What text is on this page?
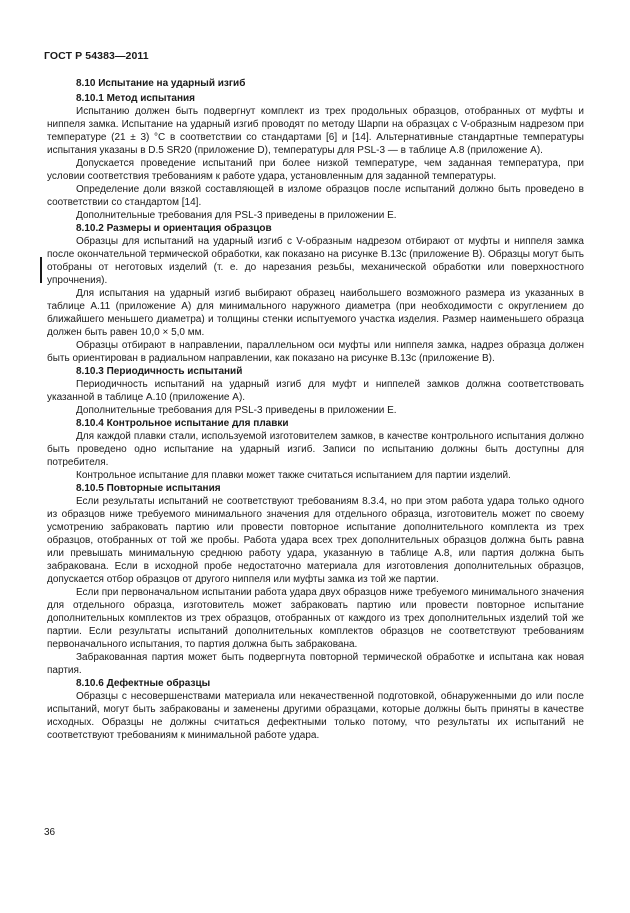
ГОСТ Р 54383—2011
8.10 Испытание на ударный изгиб
8.10.1 Метод испытания

Испытанию должен быть подвергнут комплект из трех продольных образцов, отобранных от муфты и ниппеля замка. Испытание на ударный изгиб проводят по методу Шарпи на образцах с V-образным надрезом при температуре (21 ± 3) °С в соответствии со стандартами [6] и [14]. Альтернативные стандартные температуры испытания указаны в D.5 SR20 (приложение D), температуры для PSL-3 — в таблице А.8 (приложение А).

Допускается проведение испытаний при более низкой температуре, чем заданная температура, при условии соответствия требованиям к работе удара, установленным для заданной температуры.

Определение доли вязкой составляющей в изломе образцов после испытаний должно быть проведено в соответствии со стандартом [14].

Дополнительные требования для PSL-3 приведены в приложении Е.

8.10.2 Размеры и ориентация образцов

Образцы для испытаний на ударный изгиб с V-образным надрезом отбирают от муфты и ниппеля замка после окончательной термической обработки, как показано на рисунке В.13c (приложение В). Образцы могут быть отобраны от неготовых изделий (т. е. до нарезания резьбы, механической обработки или поверхностного упрочнения).

Для испытания на ударный изгиб выбирают образец наибольшего возможного размера из указанных в таблице А.11 (приложение А) для минимального наружного диаметра (при необходимости с округлением до ближайшего меньшего диаметра) и толщины стенки испытуемого участка изделия. Размер наименьшего образца должен быть равен 10,0 × 5,0 мм.

Образцы отбирают в направлении, параллельном оси муфты или ниппеля замка, надрез образца должен быть ориентирован в радиальном направлении, как показано на рисунке В.13c (приложение В).

8.10.3 Периодичность испытаний

Периодичность испытаний на ударный изгиб для муфт и ниппелей замков должна соответствовать указанной в таблице А.10 (приложение А).

Дополнительные требования для PSL-3 приведены в приложении Е.

8.10.4 Контрольное испытание для плавки

Для каждой плавки стали, используемой изготовителем замков, в качестве контрольного испытания должно быть проведено одно испытание на ударный изгиб. Записи по испытанию должны быть доступны для потребителя.

Контрольное испытание для плавки может также считаться испытанием для партии изделий.

8.10.5 Повторные испытания

Если результаты испытаний не соответствуют требованиям 8.3.4, но при этом работа удара только одного из образцов ниже требуемого минимального значения для отдельного образца, изготовитель может по своему усмотрению забраковать партию или провести повторное испытание дополнительного комплекта из трех образцов, отобранных от той же пробы. Работа удара всех трех дополнительных образцов должна быть равна или превышать минимальную среднюю работу удара, указанную в таблице А.8, или партия должна быть забракована. Если в исходной пробе недостаточно материала для изготовления дополнительных образцов, допускается отбор образцов от другого ниппеля или муфты замка из той же партии.

Если при первоначальном испытании работа удара двух образцов ниже требуемого минимального значения для отдельного образца, изготовитель может забраковать партию или провести повторное испытание дополнительных комплектов из трех образцов, отобранных от каждого из трех дополнительных изделий той же партии. Если результаты испытаний дополнительных комплектов образцов не соответствуют требованиям первоначального испытания, то партия должна быть забракована.

Забракованная партия может быть подвергнута повторной термической обработке и испытана как новая партия.

8.10.6 Дефектные образцы

Образцы с несовершенствами материала или некачественной подготовкой, обнаруженными до или после испытаний, могут быть забракованы и заменены другими образцами, которые должны быть приняты в качестве исходных. Образцы не должны считаться дефектными только потому, что результаты их испытаний не соответствуют требованиям к минимальной работе удара.

36
